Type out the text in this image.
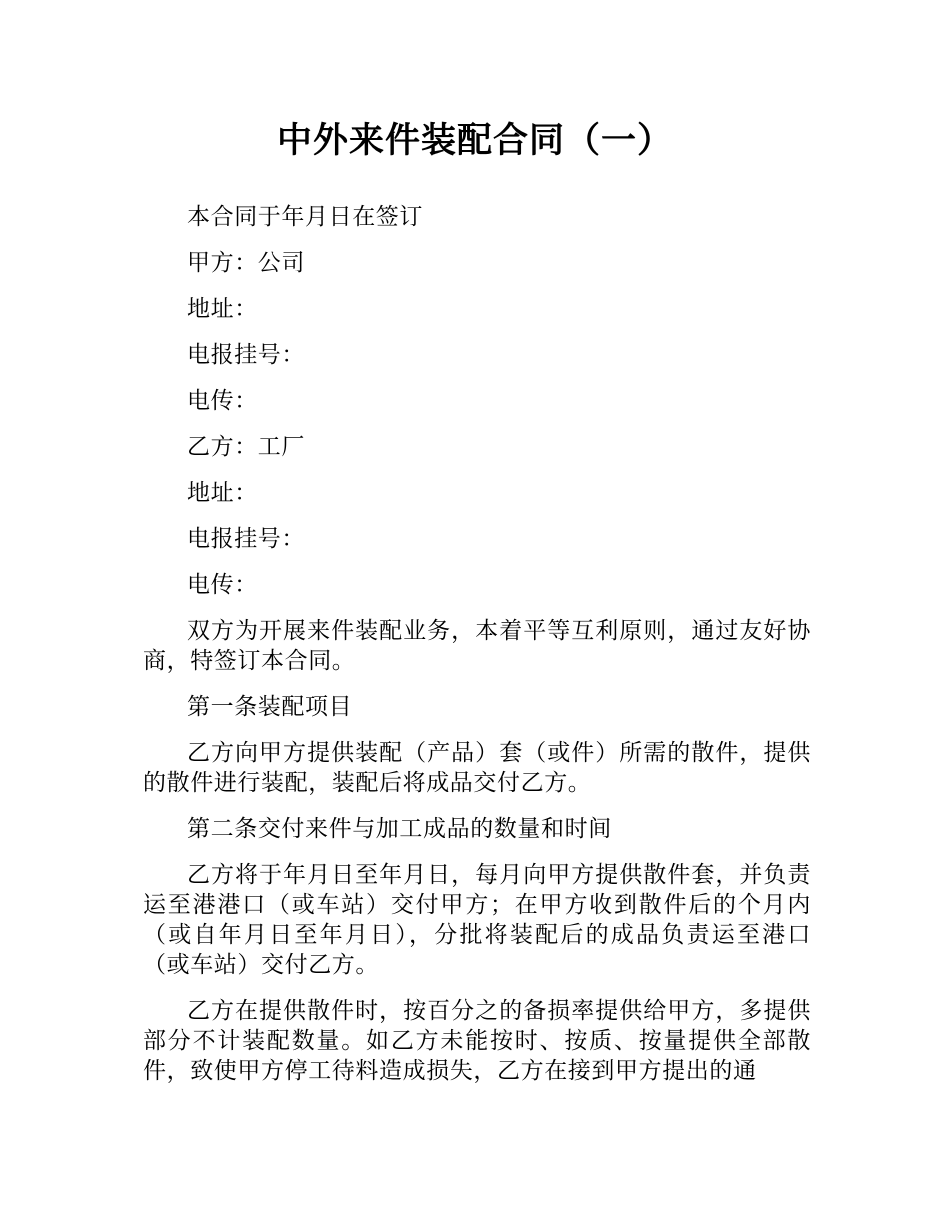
中外来件装配合同（一）

本合同于年月日在签订

甲方：公司

地址：

电报挂号：

电传：

乙方：工厂

地址：

电报挂号：

电传：

双方为开展来件装配业务，本着平等互利原则，通过友好协商，特签订本合同。

第一条装配项目

乙方向甲方提供装配（产品）套（或件）所需的散件，提供的散件进行装配，装配后将成品交付乙方。

第二条交付来件与加工成品的数量和时间

乙方将于年月日至年月日，每月向甲方提供散件套，并负责运至港港口（或车站）交付甲方；在甲方收到散件后的个月内（或自年月日至年月日），分批将装配后的成品负责运至港口（或车站）交付乙方。

乙方在提供散件时，按百分之的备损率提供给甲方，多提供部分不计装配数量。如乙方未能按时、按质、按量提供全部散件，致使甲方停工待料造成损失，乙方在接到甲方提出的通
